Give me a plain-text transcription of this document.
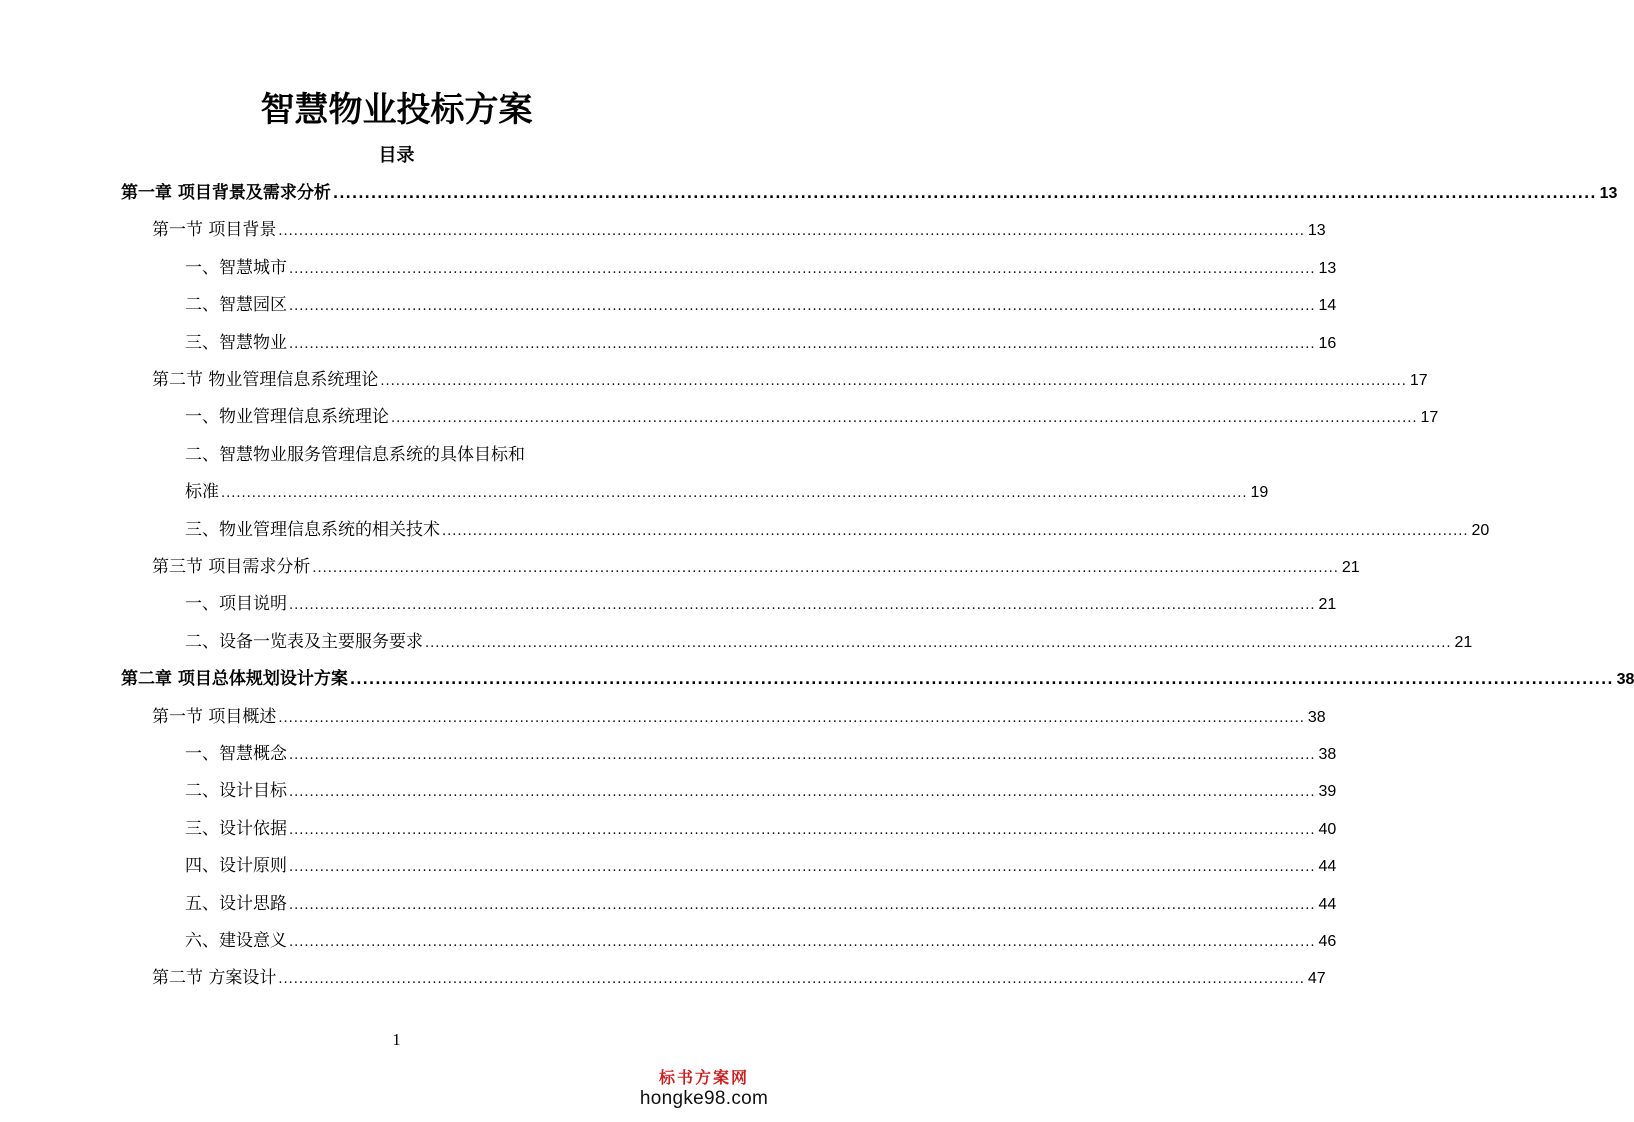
智慧物业投标方案
目录
第一章 项目背景及需求分析 ........................................................................................................................................................................................................ 13
第一节 项目背景 ........................................................................................................................................................................................................ 13
一、智慧城市 ........................................................................................................................................................................................................ 13
二、智慧园区 ........................................................................................................................................................................................................ 14
三、智慧物业 ........................................................................................................................................................................................................ 16
第二节 物业管理信息系统理论 ........................................................................................................................................................................................................ 17
一、物业管理信息系统理论 ........................................................................................................................................................................................................ 17
二、智慧物业服务管理信息系统的具体目标和
标准 ........................................................................................................................................................................................................ 19
三、物业管理信息系统的相关技术 ........................................................................................................................................................................................................ 20
第三节 项目需求分析 ........................................................................................................................................................................................................ 21
一、项目说明 ........................................................................................................................................................................................................ 21
二、设备一览表及主要服务要求 ........................................................................................................................................................................................................ 21
第二章 项目总体规划设计方案 ........................................................................................................................................................................................................ 38
第一节 项目概述 ........................................................................................................................................................................................................ 38
一、智慧概念 ........................................................................................................................................................................................................ 38
二、设计目标 ........................................................................................................................................................................................................ 39
三、设计依据 ........................................................................................................................................................................................................ 40
四、设计原则 ........................................................................................................................................................................................................ 44
五、设计思路 ........................................................................................................................................................................................................ 44
六、建设意义 ........................................................................................................................................................................................................ 46
第二节 方案设计 ........................................................................................................................................................................................................ 47
1
标书方案网
hongke98.com
